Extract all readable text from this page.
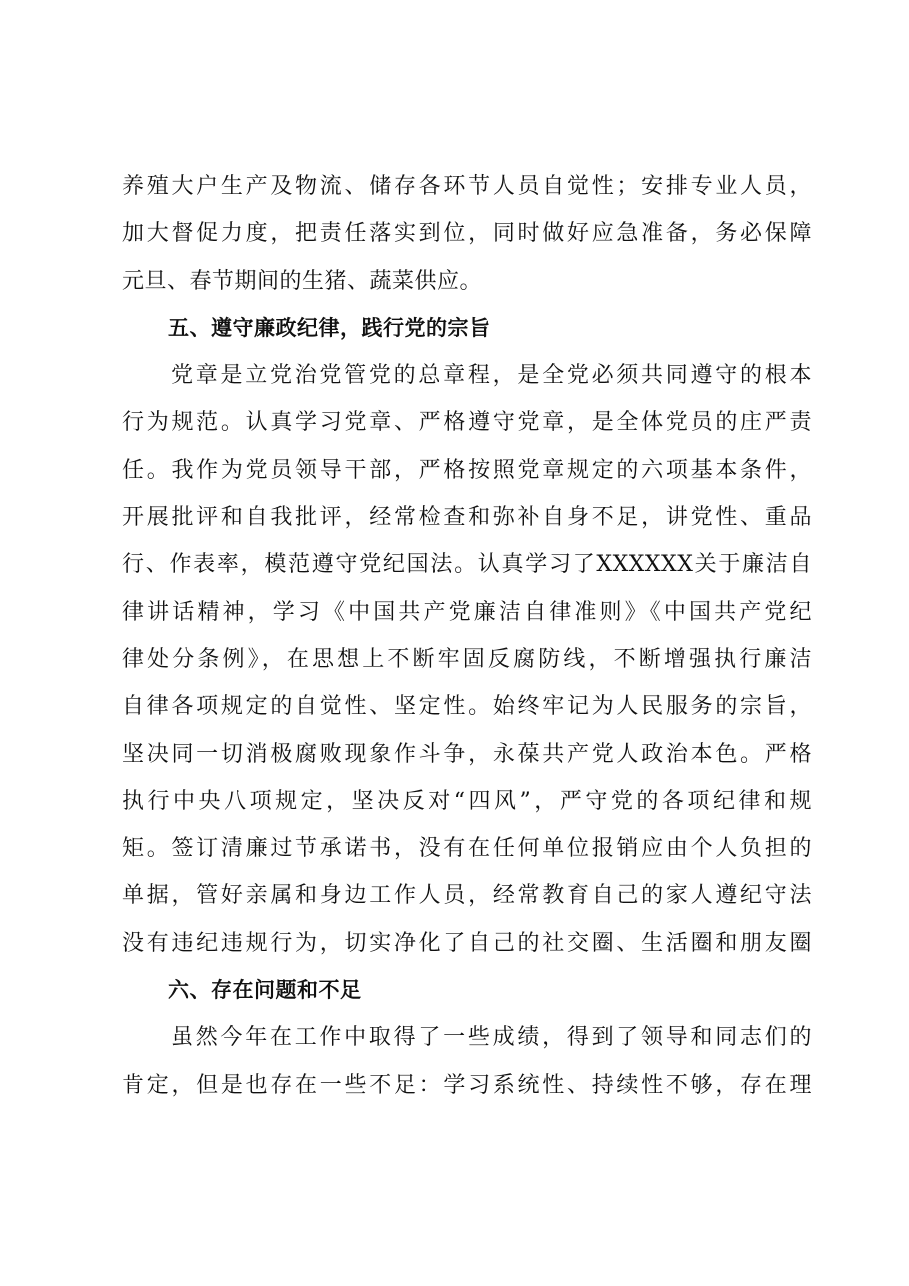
养殖大户生产及物流、储存各环节人员自觉性；安排专业人员，
加大督促力度，把责任落实到位，同时做好应急准备，务必保障
元旦、春节期间的生猪、蔬菜供应。
五、遵守廉政纪律，践行党的宗旨
党章是立党治党管党的总章程，是全党必须共同遵守的根本
行为规范。认真学习党章、严格遵守党章，是全体党员的庄严责
任。我作为党员领导干部，严格按照党章规定的六项基本条件，
开展批评和自我批评，经常检查和弥补自身不足，讲党性、重品
行、作表率，模范遵守党纪国法。认真学习了XXXXXX关于廉洁自
律讲话精神，学习《中国共产党廉洁自律准则》《中国共产党纪
律处分条例》，在思想上不断牢固反腐防线，不断增强执行廉洁
自律各项规定的自觉性、坚定性。始终牢记为人民服务的宗旨，
坚决同一切消极腐败现象作斗争，永葆共产党人政治本色。严格
执行中央八项规定，坚决反对“四风”，严守党的各项纪律和规
矩。签订清廉过节承诺书，没有在任何单位报销应由个人负担的
单据，管好亲属和身边工作人员，经常教育自己的家人遵纪守法
没有违纪违规行为，切实净化了自己的社交圈、生活圈和朋友圈
六、存在问题和不足
虽然今年在工作中取得了一些成绩，得到了领导和同志们的
肯定，但是也存在一些不足：学习系统性、持续性不够，存在理
